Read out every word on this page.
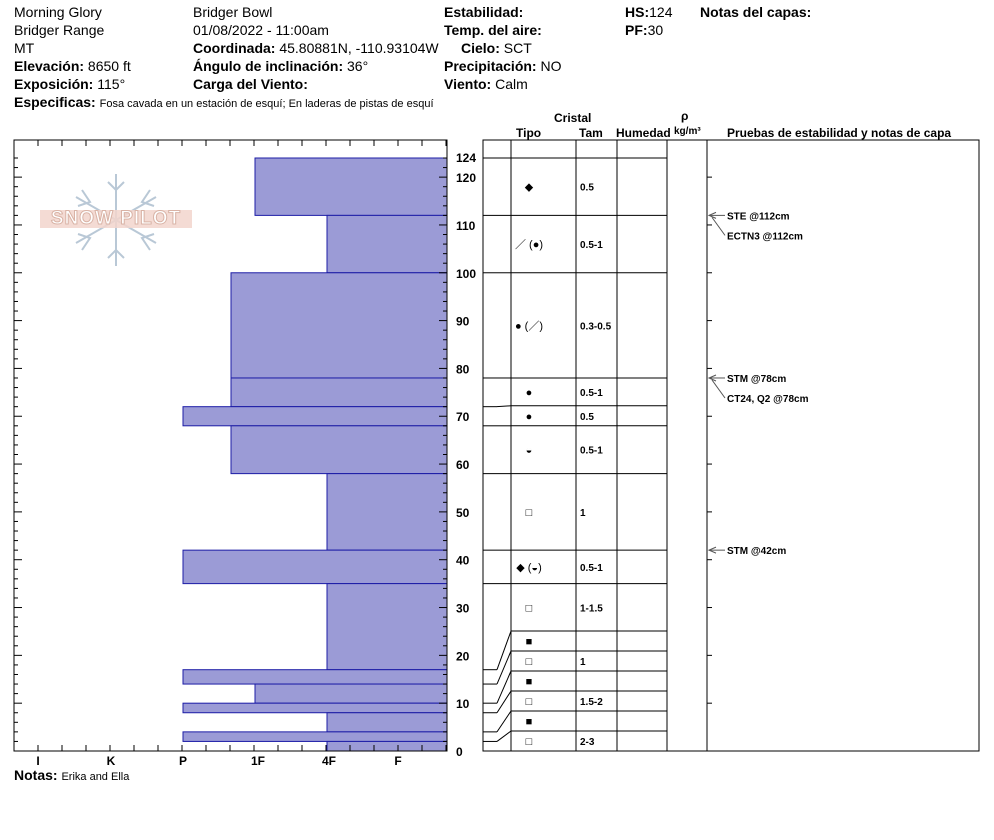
Morning Glory
Bridger Range
MT
Elevación: 8650 ft
Exposición: 115°
Especificas: Fosa cavada en un estación de esquí; En laderas de pistas de esquí
Bridger Bowl
01/08/2022 - 11:00am
Coordinada: 45.80881N, -110.93104W
Ángulo de inclinación: 36°
Carga del Viento:
Estabilidad:
Temp. del aire:
Cielo: SCT
Precipitación: NO
Viento: Calm
HS:124
PF:30
Notas del capas:
Cristal
Tipo	Tam Humedad
ρ
kg/m³ Pruebas de estabilidad y notas de capa
SNOW PILOT
I	K	P	1F	4F	F
0
10
20
30
40
50
60
70
80
90
100
110
120
124
◆	0.5
／ (●)	0.5-1
● (／)	0.3-0.5
●	0.5-1
●	0.5
◒	0.5-1
□	1
◆ (◒)	0.5-1
□	1-1.5
■
□	1
■
□	1.5-2
■
□	2-3
STE @112cm
ECTN3 @112cm
STM @78cm
CT24, Q2 @78cm
STM @42cm
Notas: Erika and Ella
